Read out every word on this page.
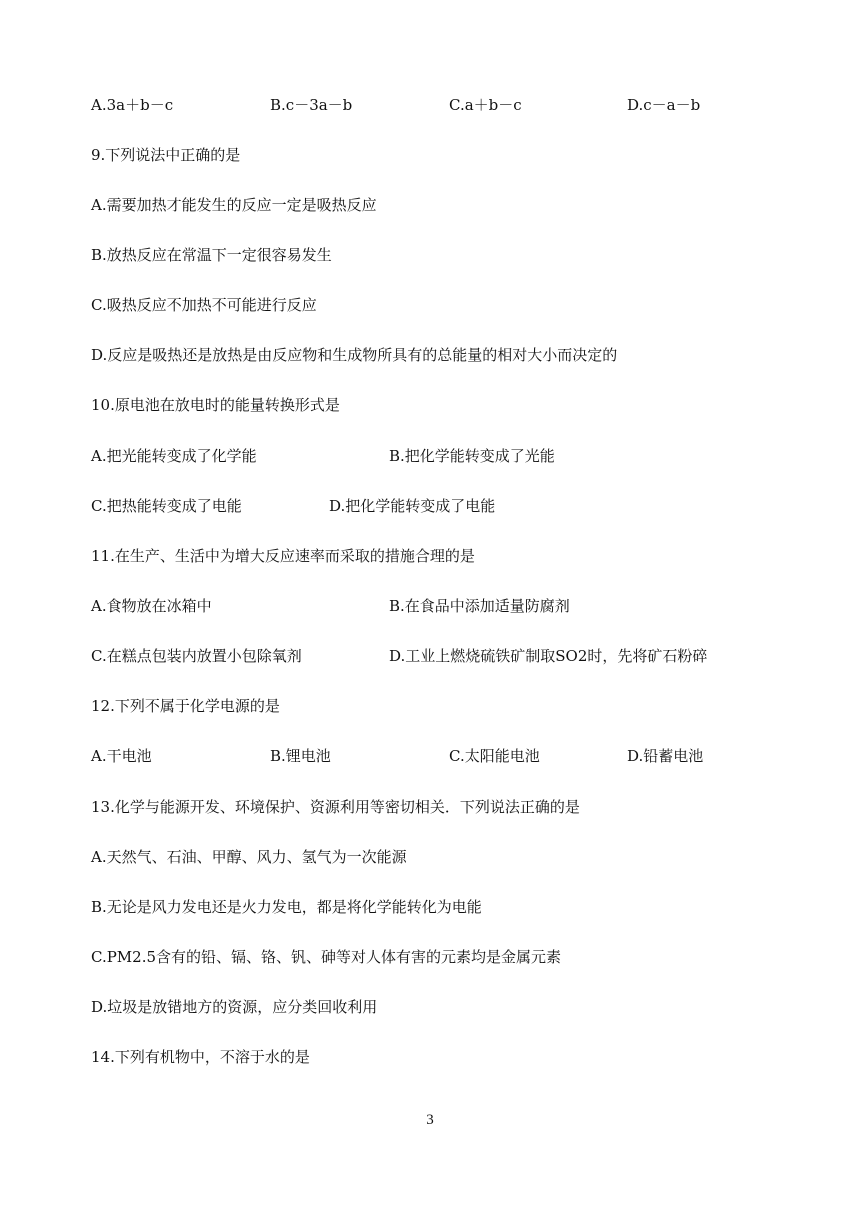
A.3a＋b－c	B.c－3a－b	C.a＋b－c	D.c－a－b
9.下列说法中正确的是
A.需要加热才能发生的反应一定是吸热反应
B.放热反应在常温下一定很容易发生
C.吸热反应不加热不可能进行反应
D.反应是吸热还是放热是由反应物和生成物所具有的总能量的相对大小而决定的
10.原电池在放电时的能量转换形式是
A.把光能转变成了化学能	B.把化学能转变成了光能
C.把热能转变成了电能	D.把化学能转变成了电能
11.在生产、生活中为增大反应速率而采取的措施合理的是
A.食物放在冰箱中	B.在食品中添加适量防腐剂
C.在糕点包装内放置小包除氧剂	D.工业上燃烧硫铁矿制取SO2时，先将矿石粉碎
12.下列不属于化学电源的是
A.干电池	B.锂电池	C.太阳能电池	D.铅蓄电池
13.化学与能源开发、环境保护、资源利用等密切相关．下列说法正确的是
A.天然气、石油、甲醇、风力、氢气为一次能源
B.无论是风力发电还是火力发电，都是将化学能转化为电能
C.PM2.5含有的铅、镉、铬、钒、砷等对人体有害的元素均是金属元素
D.垃圾是放错地方的资源，应分类回收利用
14.下列有机物中，不溶于水的是
3
